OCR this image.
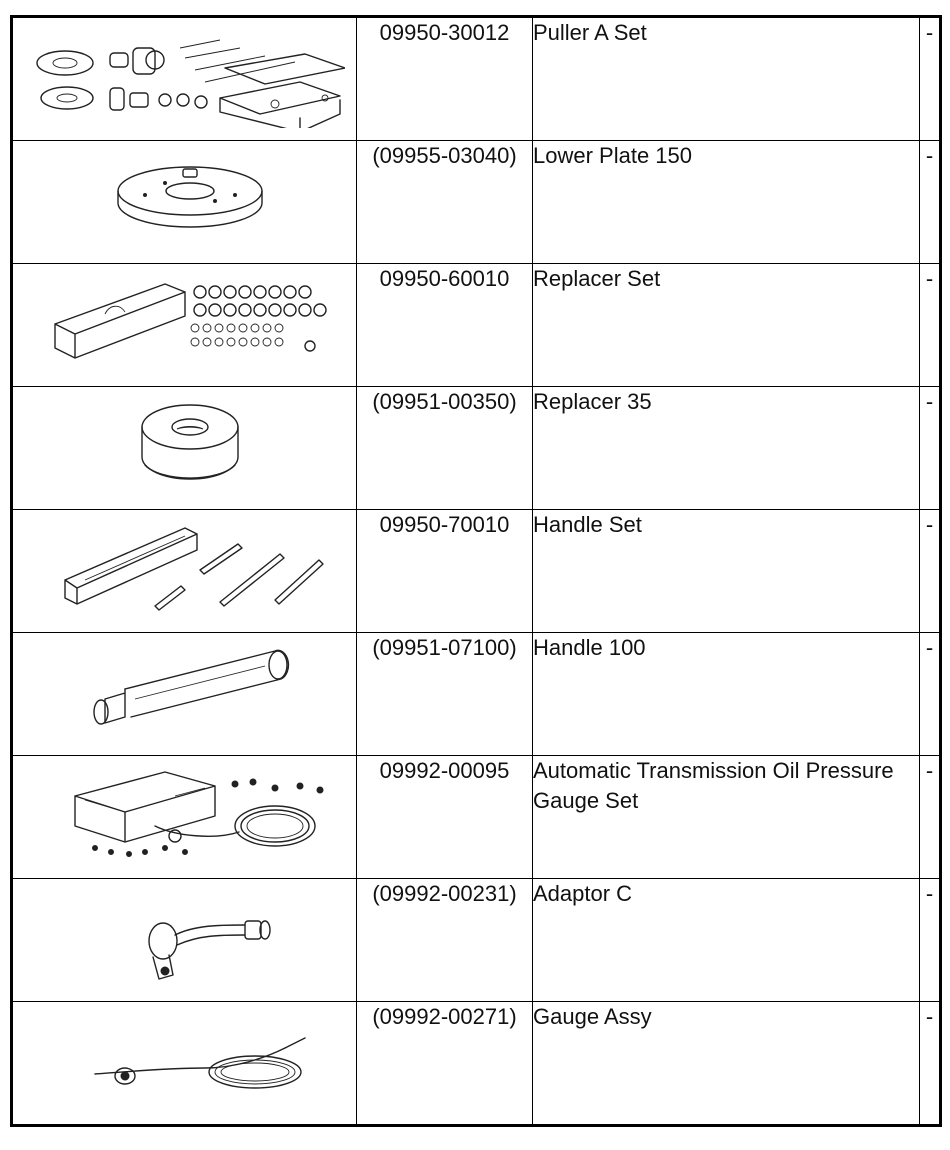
	09950-30012	Puller A Set	-

	(09955-03040)	Lower Plate 150	-

	09950-60010	Replacer Set	-

	(09951-00350)	Replacer 35	-

	09950-70010	Handle Set	-

	(09951-07100)	Handle 100	-

	09992-00095	Automatic Transmission Oil Pressure Gauge Set	-

	(09992-00231)	Adaptor C	-

	(09992-00271)	Gauge Assy	-
